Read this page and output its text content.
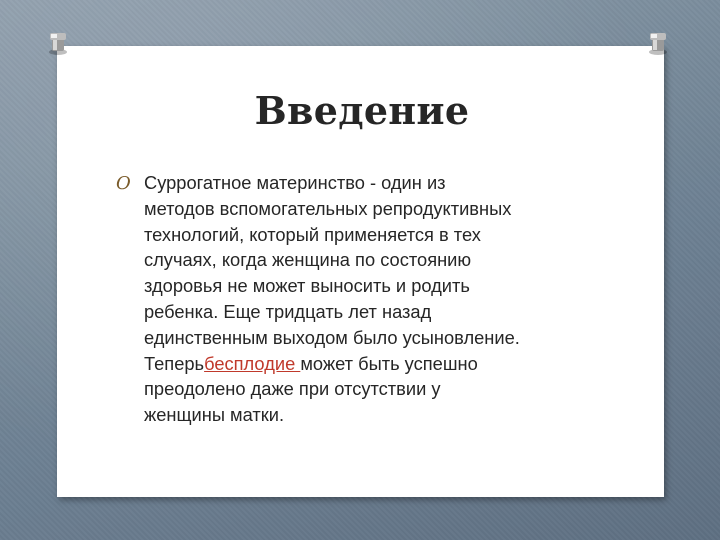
Введение
O Суррогатное материнство - один из
методов вспомогательных репродуктивных
технологий, который применяется в тех
случаях, когда женщина по состоянию
здоровья не может выносить и родить
ребенка. Еще тридцать лет назад
единственным выходом было усыновление.
Теперьбесплодие может быть успешно
преодолено даже при отсутствии у
женщины матки.
